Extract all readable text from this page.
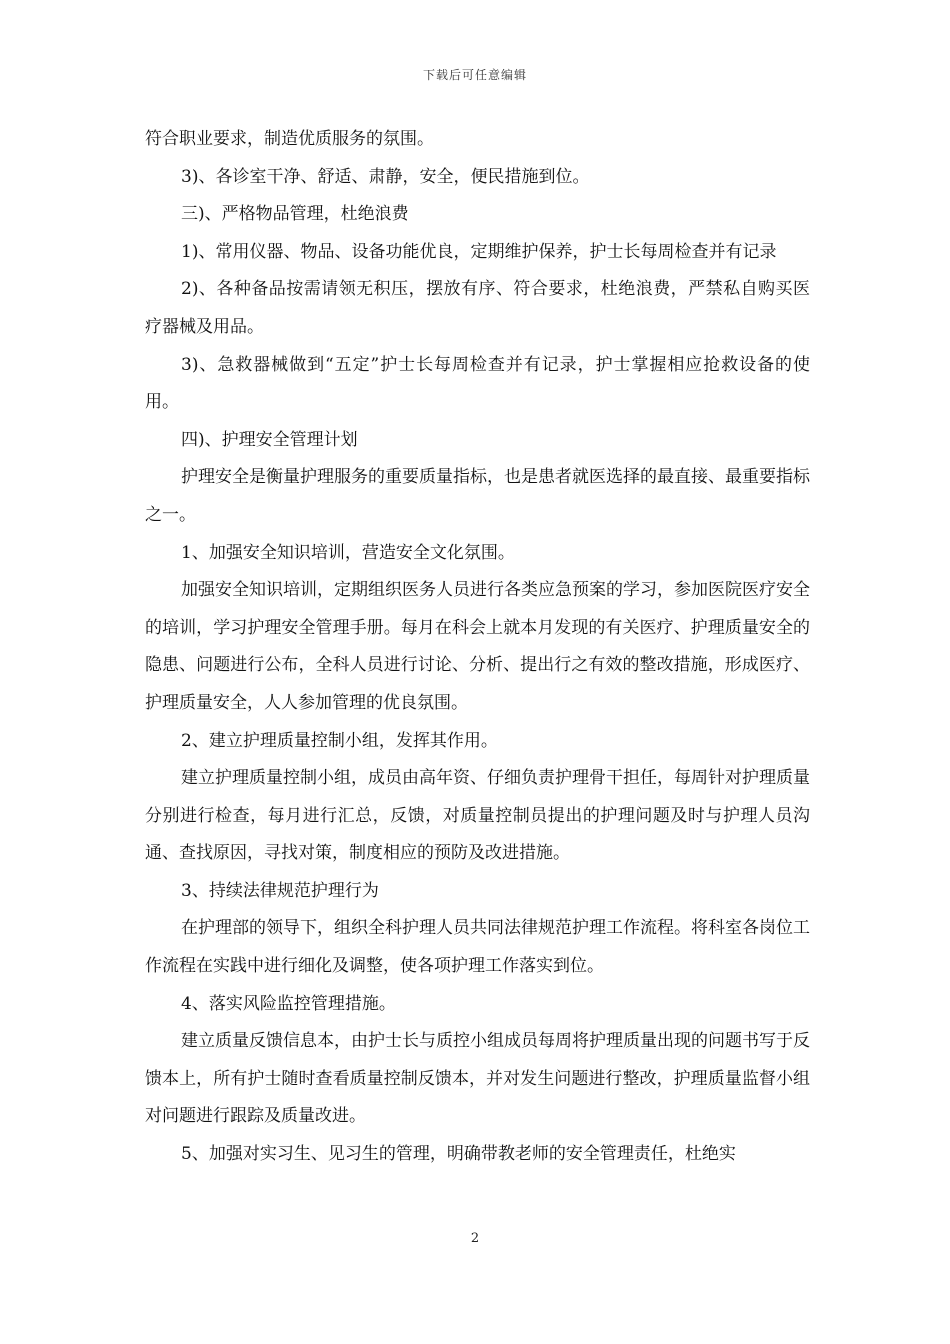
下载后可任意编辑

符合职业要求，制造优质服务的氛围。

3)、各诊室干净、舒适、肃静，安全，便民措施到位。

三)、严格物品管理，杜绝浪费

1)、常用仪器、物品、设备功能优良，定期维护保养，护士长每周检查并有记录

2)、各种备品按需请领无积压，摆放有序、符合要求，杜绝浪费，严禁私自购买医疗器械及用品。

3)、急救器械做到“五定”护士长每周检查并有记录，护士掌握相应抢救设备的使用。

四)、护理安全管理计划

护理安全是衡量护理服务的重要质量指标，也是患者就医选择的最直接、最重要指标之一。

1、加强安全知识培训，营造安全文化氛围。

加强安全知识培训，定期组织医务人员进行各类应急预案的学习，参加医院医疗安全的培训，学习护理安全管理手册。每月在科会上就本月发现的有关医疗、护理质量安全的隐患、问题进行公布，全科人员进行讨论、分析、提出行之有效的整改措施，形成医疗、护理质量安全，人人参加管理的优良氛围。

2、建立护理质量控制小组，发挥其作用。

建立护理质量控制小组，成员由高年资、仔细负责护理骨干担任，每周针对护理质量分别进行检查，每月进行汇总，反馈，对质量控制员提出的护理问题及时与护理人员沟通、查找原因，寻找对策，制度相应的预防及改进措施。

3、持续法律规范护理行为

在护理部的领导下，组织全科护理人员共同法律规范护理工作流程。将科室各岗位工作流程在实践中进行细化及调整，使各项护理工作落实到位。

4、落实风险监控管理措施。

建立质量反馈信息本，由护士长与质控小组成员每周将护理质量出现的问题书写于反馈本上，所有护士随时查看质量控制反馈本，并对发生问题进行整改，护理质量监督小组对问题进行跟踪及质量改进。

5、加强对实习生、见习生的管理，明确带教老师的安全管理责任，杜绝实

2
